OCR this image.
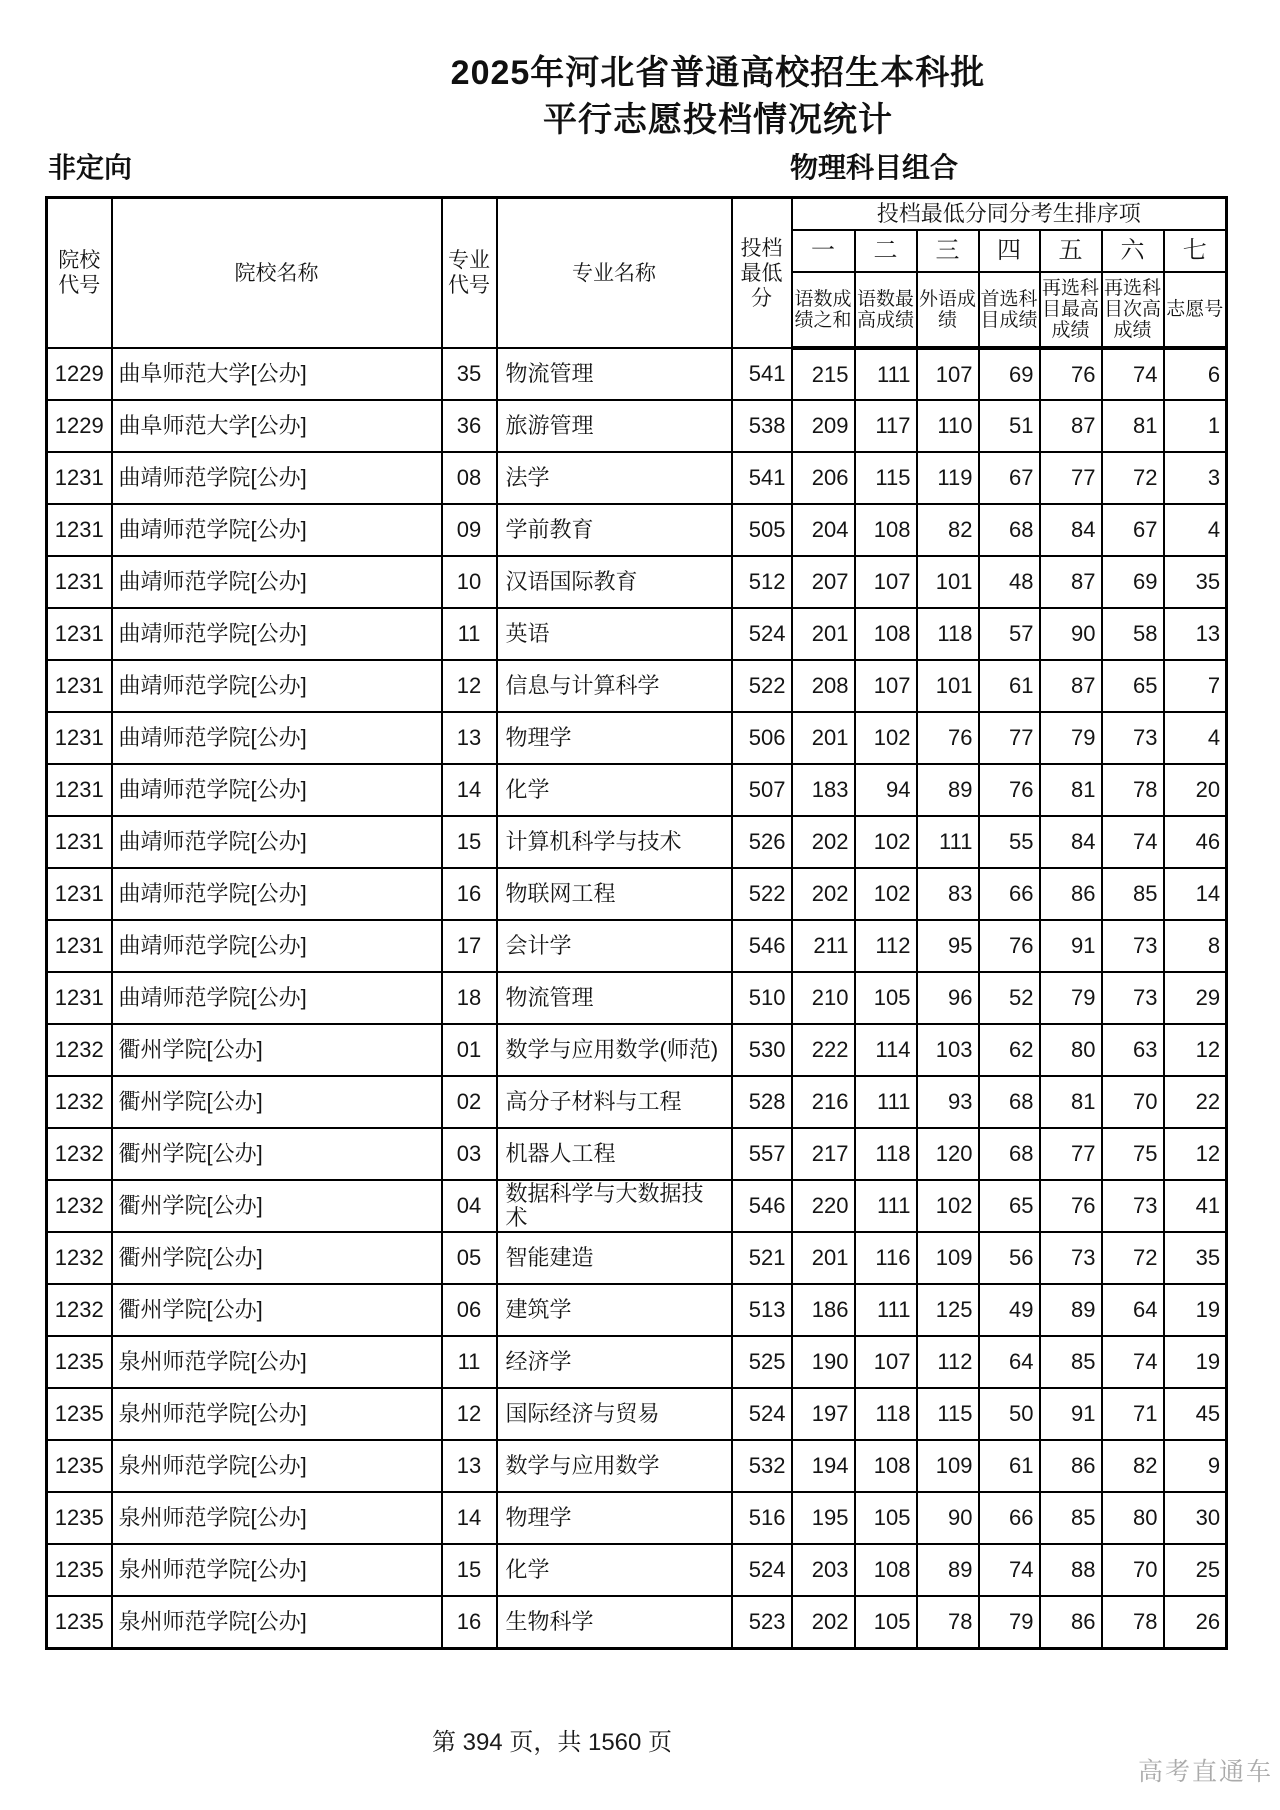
2025年河北省普通高校招生本科批
平行志愿投档情况统计
非定向	物理科目组合
院校代号	院校名称	专业代号	专业名称	投档最低分	投档最低分同分考生排序项						
					一	二	三	四	五	六	七
					语数成绩之和	语数最高成绩	外语成绩	首选科目成绩	再选科目最高成绩	再选科目次高成绩	志愿号
1229	曲阜师范大学[公办]	35	物流管理	541	215	111	107	69	76	74	6
1229	曲阜师范大学[公办]	36	旅游管理	538	209	117	110	51	87	81	1
1231	曲靖师范学院[公办]	08	法学	541	206	115	119	67	77	72	3
1231	曲靖师范学院[公办]	09	学前教育	505	204	108	82	68	84	67	4
1231	曲靖师范学院[公办]	10	汉语国际教育	512	207	107	101	48	87	69	35
1231	曲靖师范学院[公办]	11	英语	524	201	108	118	57	90	58	13
1231	曲靖师范学院[公办]	12	信息与计算科学	522	208	107	101	61	87	65	7
1231	曲靖师范学院[公办]	13	物理学	506	201	102	76	77	79	73	4
1231	曲靖师范学院[公办]	14	化学	507	183	94	89	76	81	78	20
1231	曲靖师范学院[公办]	15	计算机科学与技术	526	202	102	111	55	84	74	46
1231	曲靖师范学院[公办]	16	物联网工程	522	202	102	83	66	86	85	14
1231	曲靖师范学院[公办]	17	会计学	546	211	112	95	76	91	73	8
1231	曲靖师范学院[公办]	18	物流管理	510	210	105	96	52	79	73	29
1232	衢州学院[公办]	01	数学与应用数学(师范)	530	222	114	103	62	80	63	12
1232	衢州学院[公办]	02	高分子材料与工程	528	216	111	93	68	81	70	22
1232	衢州学院[公办]	03	机器人工程	557	217	118	120	68	77	75	12
1232	衢州学院[公办]	04	数据科学与大数据技术	546	220	111	102	65	76	73	41
1232	衢州学院[公办]	05	智能建造	521	201	116	109	56	73	72	35
1232	衢州学院[公办]	06	建筑学	513	186	111	125	49	89	64	19
1235	泉州师范学院[公办]	11	经济学	525	190	107	112	64	85	74	19
1235	泉州师范学院[公办]	12	国际经济与贸易	524	197	118	115	50	91	71	45
1235	泉州师范学院[公办]	13	数学与应用数学	532	194	108	109	61	86	82	9
1235	泉州师范学院[公办]	14	物理学	516	195	105	90	66	85	80	30
1235	泉州师范学院[公办]	15	化学	524	203	108	89	74	88	70	25
1235	泉州师范学院[公办]	16	生物科学	523	202	105	78	79	86	78	26
第 394 页，共 1560 页
高考直通车
